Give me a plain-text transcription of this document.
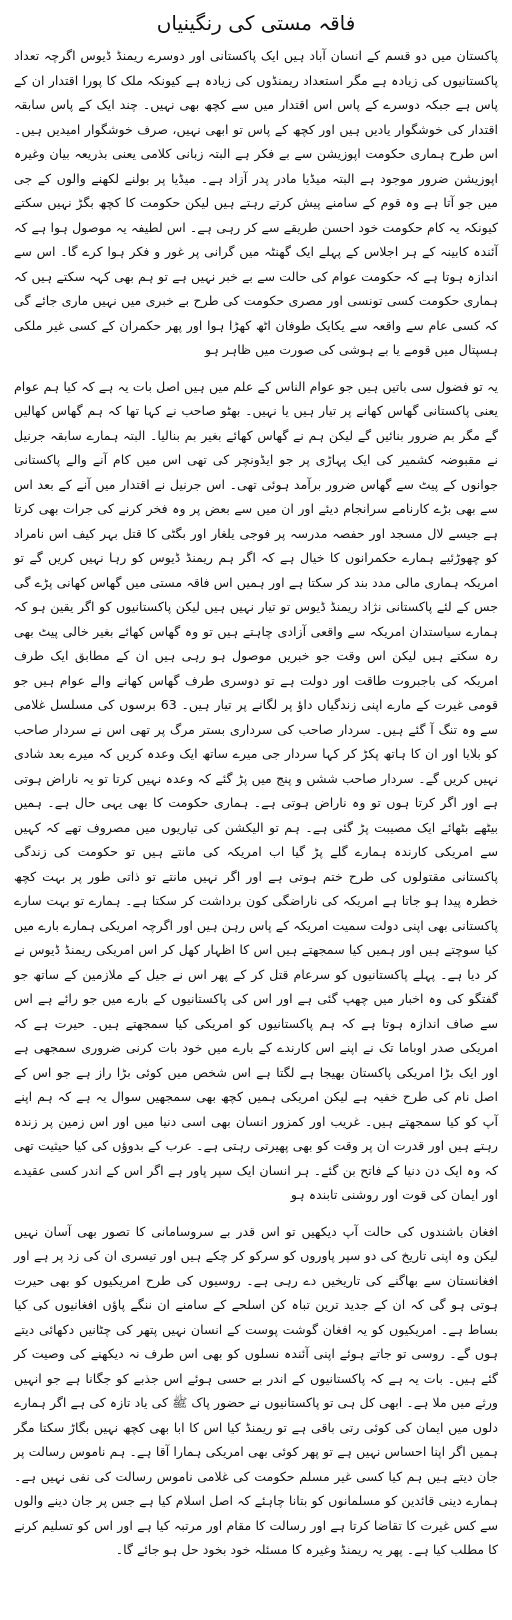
فاقہ مستی کی رنگینیاں

پاکستان میں دو قسم کے انسان آباد ہیں ایک پاکستانی اور دوسرے ریمنڈ ڈیوس اگرچہ تعداد پاکستانیوں کی زیادہ ہے مگر استعداد ریمنڈوں کی زیادہ ہے کیونکہ ملک کا پورا اقتدار ان کے پاس ہے جبکہ دوسرے کے پاس اس اقتدار میں سے کچھ بھی نہیں۔ چند ایک کے پاس سابقہ اقتدار کی خوشگوار یادیں ہیں اور کچھ کے پاس تو ابھی نہیں، صرف خوشگوار امیدیں ہیں۔ اس طرح ہماری حکومت اپوزیشن سے بے فکر ہے البتہ زبانی کلامی یعنی بذریعہ بیان وغیرہ اپوزیشن ضرور موجود ہے البتہ میڈیا مادر پدر آزاد ہے۔ میڈیا پر بولنے لکھنے والوں کے جی میں جو آتا ہے وہ قوم کے سامنے پیش کرتے رہتے ہیں لیکن حکومت کا کچھ بگڑ نہیں سکتے کیونکہ یہ کام حکومت خود احسن طریقے سے کر رہی ہے۔ اس لطیفہ یہ موصول ہوا ہے کہ آئندہ کابینہ کے ہر اجلاس کے پہلے ایک گھنٹہ میں گرانی پر غور و فکر ہوا کرے گا۔ اس سے اندازہ ہوتا ہے کہ حکومت عوام کی حالت سے بے خبر نہیں ہے تو ہم بھی کہہ سکتے ہیں کہ ہماری حکومت کسی تونسی اور مصری حکومت کی طرح بے خبری میں نہیں ماری جائے گی کہ کسی عام سے واقعہ سے یکایک طوفان اٹھ کھڑا ہوا اور پھر حکمران کے کسی غیر ملکی ہسپتال میں قومے یا بے ہوشی کی صورت میں ظاہر ہو

یہ تو فضول سی باتیں ہیں جو عوام الناس کے علم میں ہیں اصل بات یہ ہے کہ کیا ہم عوام یعنی پاکستانی گھاس کھانے پر تیار ہیں یا نہیں۔ بھٹو صاحب نے کہا تھا کہ ہم گھاس کھالیں گے مگر بم ضرور بنائیں گے لیکن ہم نے گھاس کھائے بغیر بم بنالیا۔ البتہ ہمارے سابقہ جرنیل نے مقبوضہ کشمیر کی ایک پہاڑی پر جو ایڈونچر کی تھی اس میں کام آنے والے پاکستانی جوانوں کے پیٹ سے گھاس ضرور برآمد ہوئی تھی۔ اس جرنیل نے اقتدار میں آنے کے بعد اس سے بھی بڑے کارنامے سرانجام دیئے اور ان میں سے بعض پر وہ فخر کرنے کی جرات بھی کرتا ہے جیسے لال مسجد اور حفصہ مدرسہ پر فوجی یلغار اور بگٹی کا قتل بہر کیف اس نامراد کو چھوڑئیے ہمارے حکمرانوں کا خیال ہے کہ اگر ہم ریمنڈ ڈیوس کو رہا نہیں کریں گے تو امریکہ ہماری مالی مدد بند کر سکتا ہے اور ہمیں اس فاقہ مستی میں گھاس کھانی پڑے گی جس کے لئے پاکستانی نژاد ریمنڈ ڈیوس تو تیار نہیں ہیں لیکن پاکستانیوں کو اگر یقین ہو کہ ہمارے سیاستدان امریکہ سے واقعی آزادی چاہتے ہیں تو وہ گھاس کھائے بغیر خالی پیٹ بھی رہ سکتے ہیں لیکن اس وقت جو خبریں موصول ہو رہی ہیں ان کے مطابق ایک طرف امریکہ کی باجبروت طاقت اور دولت ہے تو دوسری طرف گھاس کھانے والے عوام ہیں جو قومی غیرت کے مارے اپنی زندگیاں داؤ پر لگانے پر تیار ہیں۔ 63 برسوں کی مسلسل غلامی سے وہ تنگ آ گئے ہیں۔ سردار صاحب کی سرداری بستر مرگ پر تھی اس نے سردار صاحب کو بلایا اور ان کا ہاتھ پکڑ کر کہا سردار جی میرے ساتھ ایک وعدہ کریں کہ میرے بعد شادی نہیں کریں گے۔ سردار صاحب ششں و پنج میں پڑ گئے کہ وعدہ نہیں کرتا تو یہ ناراض ہوتی ہے اور اگر کرتا ہوں تو وہ ناراض ہوتی ہے۔ ہماری حکومت کا بھی یہی حال ہے۔ ہمیں بیٹھے بٹھائے ایک مصیبت پڑ گئی ہے۔ ہم تو الیکشن کی تیاریوں میں مصروف تھے کہ کہیں سے امریکی کارندہ ہمارے گلے پڑ گیا اب امریکہ کی مانتے ہیں تو حکومت کی زندگی پاکستانی مقتولوں کی طرح ختم ہوتی ہے اور اگر نہیں مانتے تو ذاتی طور پر بہت کچھ خطرہ پیدا ہو جاتا ہے امریکہ کی ناراضگی کون برداشت کر سکتا ہے۔ ہمارے تو بہت سارے پاکستانی بھی اپنی دولت سمیت امریکہ کے پاس رہن ہیں اور اگرچہ امریکی ہمارے بارے میں کیا سوچتے ہیں اور ہمیں کیا سمجھتے ہیں اس کا اظہار کھل کر اس امریکی ریمنڈ ڈیوس نے کر دیا ہے۔ پہلے پاکستانیوں کو سرعام قتل کر کے پھر اس نے جیل کے ملازمین کے ساتھ جو گفتگو کی وہ اخبار میں چھپ گئی ہے اور اس کی پاکستانیوں کے بارے میں جو رائے ہے اس سے صاف اندازہ ہوتا ہے کہ ہم پاکستانیوں کو امریکی کیا سمجھتے ہیں۔ حیرت ہے کہ امریکی صدر اوباما تک نے اپنے اس کارندے کے بارے میں خود بات کرنی ضروری سمجھی ہے اور ایک بڑا امریکی پاکستان بھیجا ہے لگتا ہے اس شخص میں کوئی بڑا راز ہے جو اس کے اصل نام کی طرح خفیہ ہے لیکن امریکی ہمیں کچھ بھی سمجھیں سوال یہ ہے کہ ہم اپنے آپ کو کیا سمجھتے ہیں۔ غریب اور کمزور انسان بھی اسی دنیا میں اور اس زمین پر زندہ رہتے ہیں اور قدرت ان پر وقت کو بھی پھیرتی رہتی ہے۔ عرب کے بدوؤں کی کیا حیثیت تھی کہ وہ ایک دن دنیا کے فاتح بن گئے۔ ہر انسان ایک سپر پاور ہے اگر اس کے اندر کسی عقیدے اور ایمان کی قوت اور روشنی تابندہ ہو

افغان باشندوں کی حالت آپ دیکھیں تو اس قدر بے سروسامانی کا تصور بھی آسان نہیں لیکن وہ اپنی تاریخ کی دو سپر پاوروں کو سرکو کر چکے ہیں اور تیسری ان کی زد پر ہے اور افغانستان سے بھاگنے کی تاریخیں دے رہی ہے۔ روسیوں کی طرح امریکیوں کو بھی حیرت ہوتی ہو گی کہ ان کے جدید ترین تباہ کن اسلحے کے سامنے ان ننگے پاؤں افغانیوں کی کیا بساط ہے۔ امریکیوں کو یہ افغان گوشت پوست کے انسان نہیں پتھر کی چٹانیں دکھائی دیتے ہوں گے۔ روسی تو جاتے ہوئے اپنی آئندہ نسلوں کو بھی اس طرف نہ دیکھنے کی وصیت کر گئے ہیں۔ بات یہ ہے کہ پاکستانیوں کے اندر بے حسی ہوئے اس جذبے کو جگانا ہے جو انہیں ورثے میں ملا ہے۔ ابھی کل ہی تو پاکستانیوں نے حضور پاک ﷺ کی یاد تازہ کی ہے اگر ہمارے دلوں میں ایمان کی کوئی رتی باقی ہے تو ریمنڈ کیا اس کا ابا بھی کچھ نہیں بگاڑ سکتا مگر ہمیں اگر اپنا احساس نہیں ہے تو پھر کوئی بھی امریکی ہمارا آقا ہے۔ ہم ناموس رسالت پر جان دیتے ہیں ہم کیا کسی غیر مسلم حکومت کی غلامی ناموس رسالت کی نفی نہیں ہے۔ ہمارے دینی قائدین کو مسلمانوں کو بتانا چاہئے کہ اصل اسلام کیا ہے جس پر جان دینے والوں سے کس غیرت کا تقاضا کرتا ہے اور رسالت کا مقام اور مرتبہ کیا ہے اور اس کو تسلیم کرنے کا مطلب کیا ہے۔ پھر یہ ریمنڈ وغیرہ کا مسئلہ خود بخود حل ہو جائے گا۔
